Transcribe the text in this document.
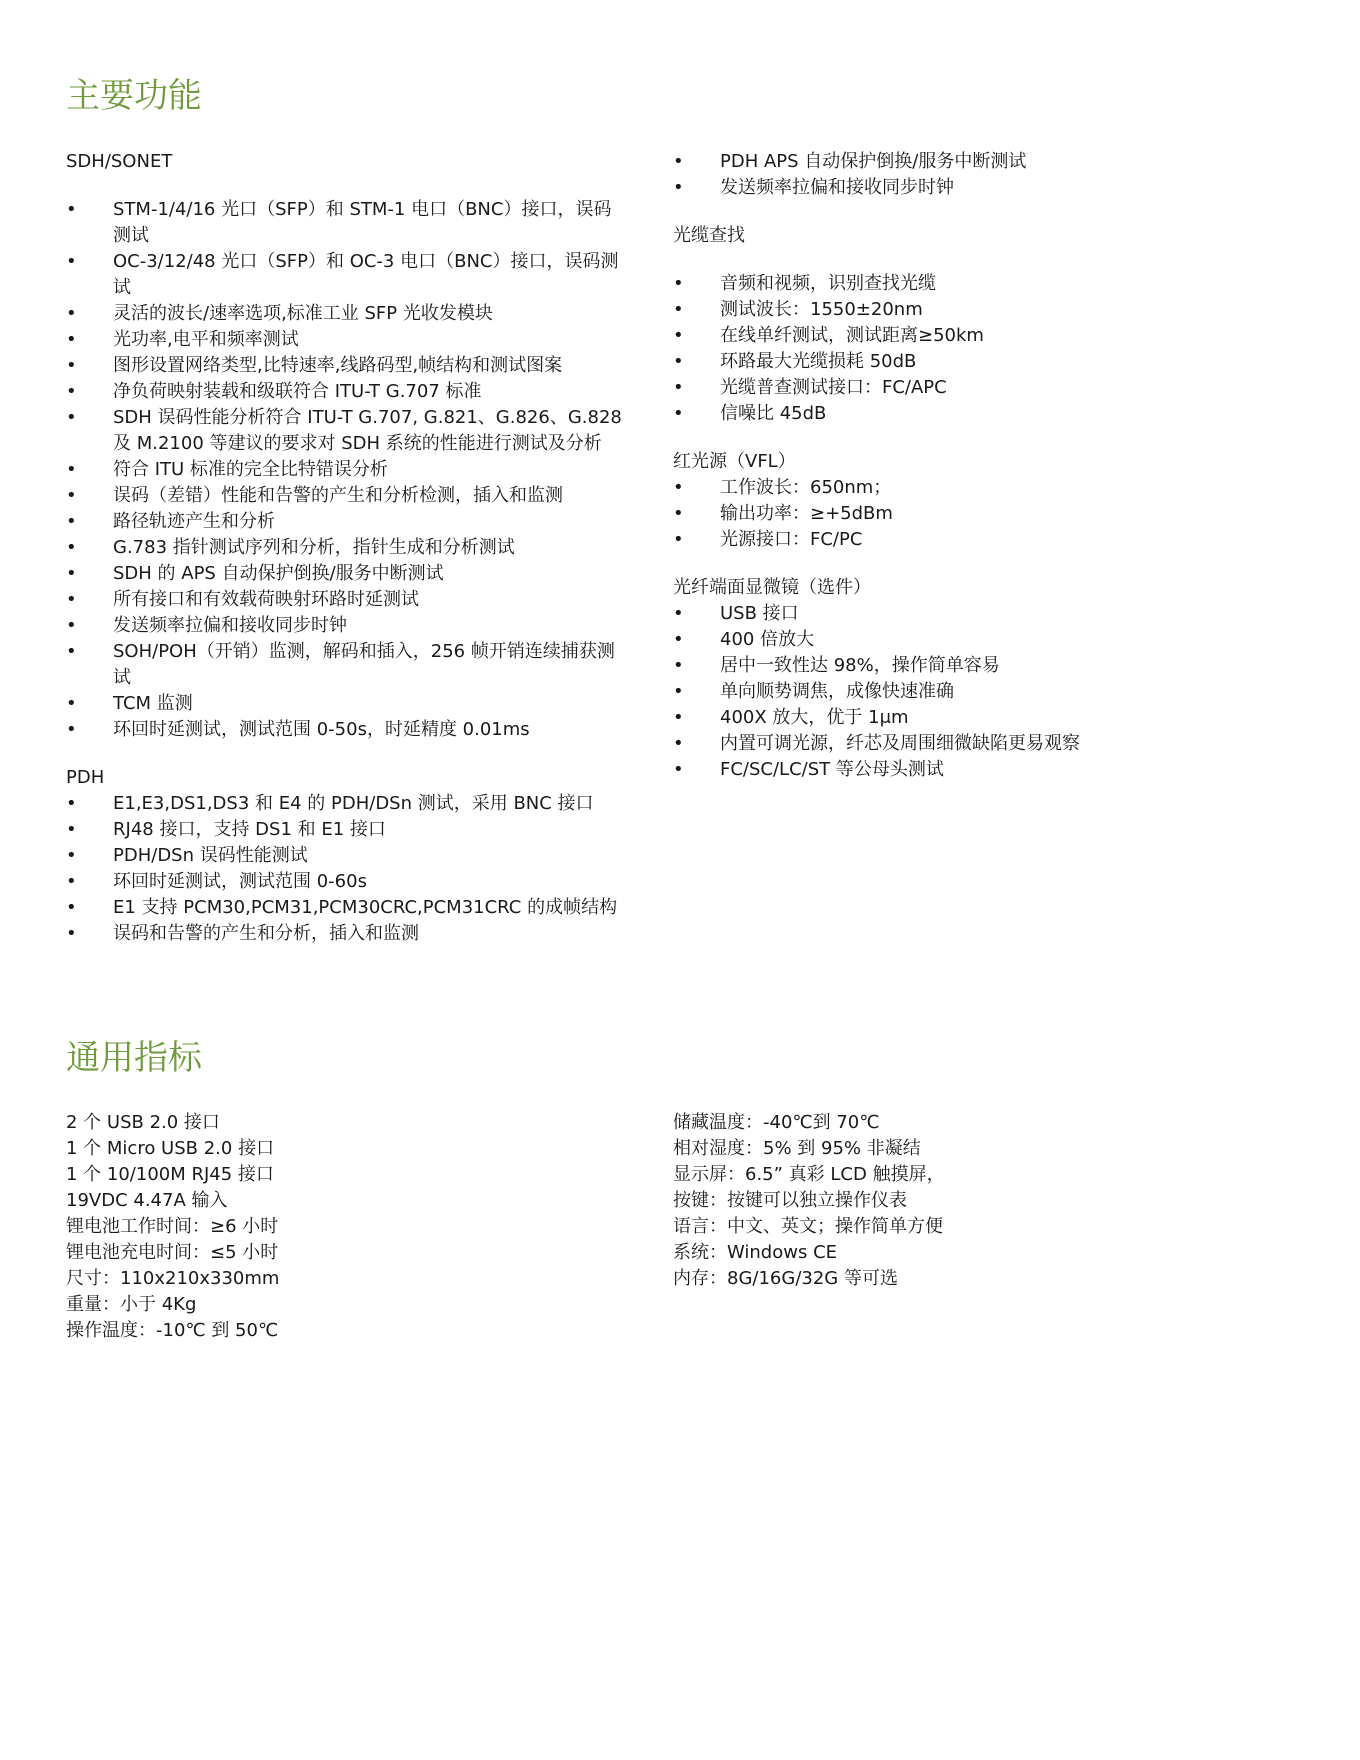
主要功能

SDH/SONET

•	STM-1/4/16 光口（SFP）和 STM-1 电口（BNC）接口，误码测试
•	OC-3/12/48 光口（SFP）和 OC-3 电口（BNC）接口，误码测试
•	灵活的波长/速率选项,标准工业 SFP 光收发模块
•	光功率,电平和频率测试
•	图形设置网络类型,比特速率,线路码型,帧结构和测试图案
•	净负荷映射装载和级联符合 ITU-T G.707 标准
•	SDH 误码性能分析符合 ITU-T G.707, G.821、G.826、G.828 及 M.2100 等建议的要求对 SDH 系统的性能进行测试及分析
•	符合 ITU 标准的完全比特错误分析
•	误码（差错）性能和告警的产生和分析检测，插入和监测
•	路径轨迹产生和分析
•	G.783 指针测试序列和分析，指针生成和分析测试
•	SDH 的 APS 自动保护倒换/服务中断测试
•	所有接口和有效载荷映射环路时延测试
•	发送频率拉偏和接收同步时钟
•	SOH/POH（开销）监测，解码和插入，256 帧开销连续捕获测试
•	TCM 监测
•	环回时延测试，测试范围 0-50s，时延精度 0.01ms

PDH

•	E1,E3,DS1,DS3 和 E4 的 PDH/DSn 测试，采用 BNC 接口
•	RJ48 接口，支持 DS1 和 E1 接口
•	PDH/DSn 误码性能测试
•	环回时延测试，测试范围 0-60s
•	E1 支持 PCM30,PCM31,PCM30CRC,PCM31CRC 的成帧结构
•	误码和告警的产生和分析，插入和监测
•	PDH APS 自动保护倒换/服务中断测试
•	发送频率拉偏和接收同步时钟

光缆查找

•	音频和视频，识别查找光缆
•	测试波长：1550±20nm
•	在线单纤测试，测试距离≥50km
•	环路最大光缆损耗 50dB
•	光缆普查测试接口：FC/APC
•	信噪比 45dB

红光源（VFL）

•	工作波长：650nm；
•	输出功率：≥+5dBm
•	光源接口：FC/PC

光纤端面显微镜（选件）

•	USB 接口
•	400 倍放大
•	居中一致性达 98%，操作简单容易
•	单向顺势调焦，成像快速准确
•	400X 放大，优于 1μm
•	内置可调光源，纤芯及周围细微缺陷更易观察
•	FC/SC/LC/ST 等公母头测试
通用指标
2 个 USB 2.0 接口
1 个 Micro USB 2.0 接口
1 个 10/100M RJ45 接口
19VDC 4.47A 输入
锂电池工作时间：≥6 小时
锂电池充电时间：≤5 小时
尺寸：110x210x330mm
重量：小于 4Kg
操作温度：-10℃ 到 50℃
储藏温度：-40℃到 70℃
相对湿度：5% 到 95% 非凝结
显示屏：6.5” 真彩 LCD 触摸屏，
按键：按键可以独立操作仪表
语言：中文、英文；操作简单方便
系统：Windows CE
内存：8G/16G/32G 等可选
